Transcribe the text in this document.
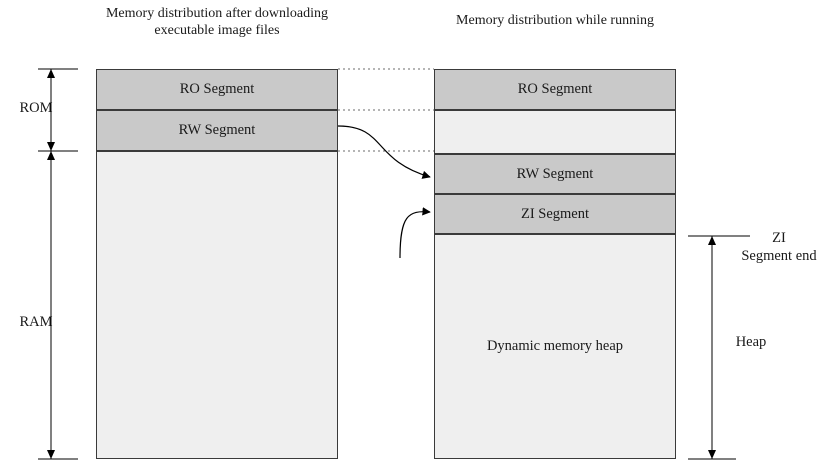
Memory distribution after downloading executable image files
Memory distribution while running
RO Segment
RW Segment
RO Segment
RW Segment
ZI Segment
Dynamic memory heap
ROM
RAM
ZI
Segment end
Heap
